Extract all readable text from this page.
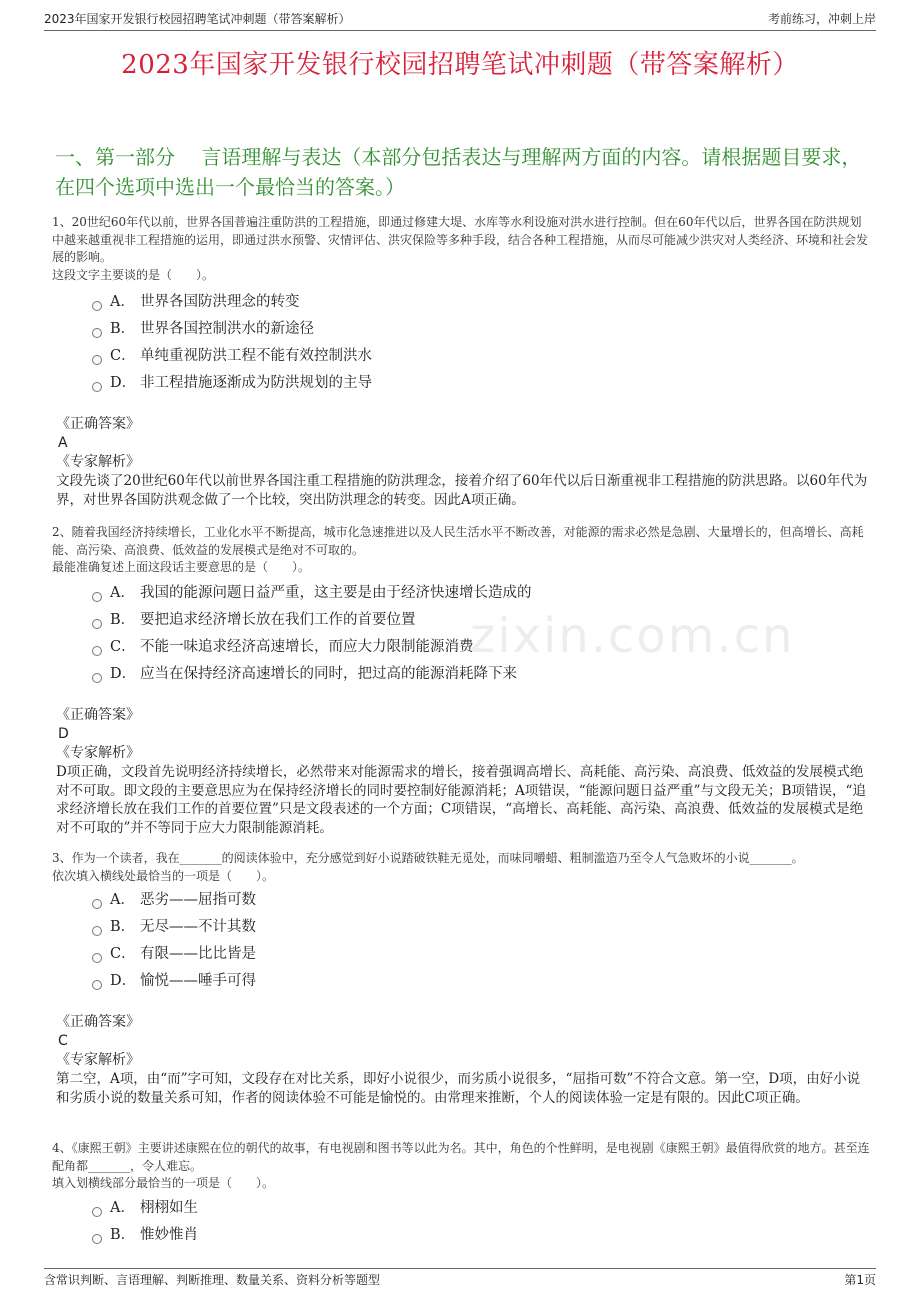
2023年国家开发银行校园招聘笔试冲刺题（带答案解析）	考前练习，冲刺上岸
2023年国家开发银行校园招聘笔试冲刺题（带答案解析）
一、第一部分　 言语理解与表达（本部分包括表达与理解两方面的内容。请根据题目要求，在四个选项中选出一个最恰当的答案。）
zixin.com.cn
1、20世纪60年代以前，世界各国普遍注重防洪的工程措施，即通过修建大堤、水库等水利设施对洪水进行控制。但在60年代以后，世界各国在防洪规划中越来越重视非工程措施的运用，即通过洪水预警、灾情评估、洪灾保险等多种手段，结合各种工程措施，从而尽可能减少洪灾对人类经济、环境和社会发展的影响。
这段文字主要谈的是（　　）。
A． 世界各国防洪理念的转变
B． 世界各国控制洪水的新途径
C． 单纯重视防洪工程不能有效控制洪水
D． 非工程措施逐渐成为防洪规划的主导
《正确答案》
A
《专家解析》
文段先谈了20世纪60年代以前世界各国注重工程措施的防洪理念，接着介绍了60年代以后日渐重视非工程措施的防洪思路。以60年代为界，对世界各国防洪观念做了一个比较，突出防洪理念的转变。因此A项正确。
2、随着我国经济持续增长，工业化水平不断提高，城市化急速推进以及人民生活水平不断改善，对能源的需求必然是急剧、大量增长的，但高增长、高耗能、高污染、高浪费、低效益的发展模式是绝对不可取的。
最能准确复述上面这段话主要意思的是（　　）。
A． 我国的能源问题日益严重，这主要是由于经济快速增长造成的
B． 要把追求经济增长放在我们工作的首要位置
C． 不能一味追求经济高速增长，而应大力限制能源消费
D． 应当在保持经济高速增长的同时，把过高的能源消耗降下来
《正确答案》
D
《专家解析》
D项正确，文段首先说明经济持续增长，必然带来对能源需求的增长，接着强调高增长、高耗能、高污染、高浪费、低效益的发展模式绝对不可取。即文段的主要意思应为在保持经济增长的同时要控制好能源消耗；A项错误，“能源问题日益严重”与文段无关；B项错误，“追求经济增长放在我们工作的首要位置”只是文段表述的一个方面；C项错误，“高增长、高耗能、高污染、高浪费、低效益的发展模式是绝对不可取的”并不等同于应大力限制能源消耗。
3、作为一个读者，我在_______的阅读体验中，充分感觉到好小说踏破铁鞋无觅处，而味同嚼蜡、粗制滥造乃至令人气急败坏的小说_______。
依次填入横线处最恰当的一项是（　　）。
A． 恶劣——屈指可数
B． 无尽——不计其数
C． 有限——比比皆是
D． 愉悦——唾手可得
《正确答案》
C
《专家解析》
第二空，A项，由“而”字可知，文段存在对比关系，即好小说很少，而劣质小说很多，“屈指可数”不符合文意。第一空，D项，由好小说和劣质小说的数量关系可知，作者的阅读体验不可能是愉悦的。由常理来推断，个人的阅读体验一定是有限的。因此C项正确。
4、《康熙王朝》主要讲述康熙在位的朝代的故事，有电视剧和图书等以此为名。其中，角色的个性鲜明，是电视剧《康熙王朝》最值得欣赏的地方。甚至连配角都_______，令人难忘。
填入划横线部分最恰当的一项是（　　）。
A． 栩栩如生
B． 惟妙惟肖
含常识判断、言语理解、判断推理、数量关系、资料分析等题型	第1页
